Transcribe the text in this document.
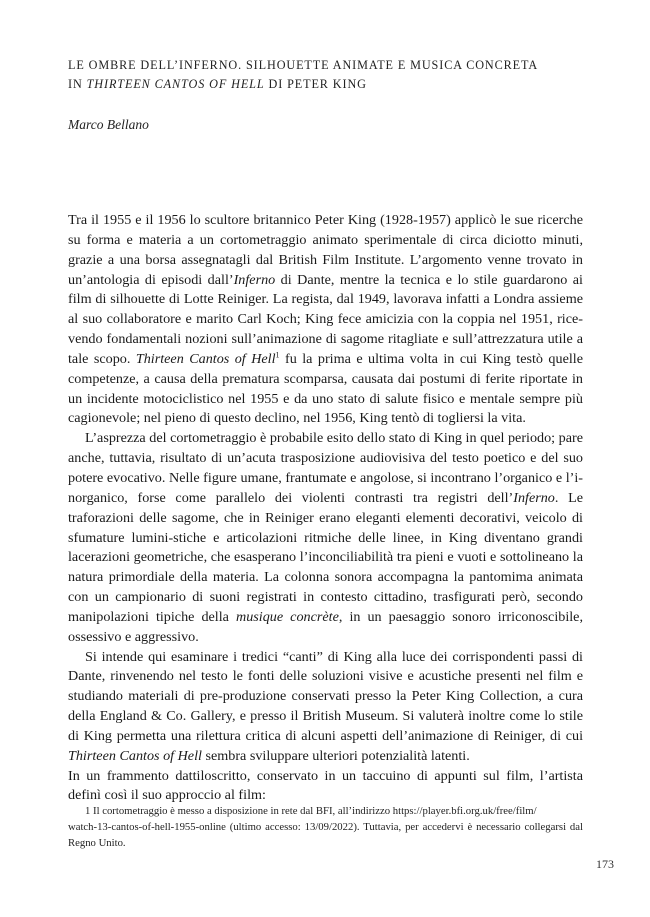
LE OMBRE DELL’INFERNO. SILHOUETTE ANIMATE E MUSICA CONCRETA
IN THIRTEEN CANTOS OF HELL DI PETER KING
Marco Bellano

Tra il 1955 e il 1956 lo scultore britannico Peter King (1928-1957) applicò le sue ricerche su forma e materia a un cortometraggio animato sperimentale di circa diciotto minuti, grazie a una borsa assegnatagli dal British Film Institute. L’argomento venne trovato in un’antologia di episodi dall’Inferno di Dante, mentre la tecnica e lo stile guardarono ai film di silhouette di Lotte Reiniger. La regista, dal 1949, lavorava infatti a Londra assieme al suo collaboratore e marito Carl Koch; King fece amicizia con la coppia nel 1951, rice-vendo fondamentali nozioni sull’animazione di sagome ritagliate e sull’attrezzatura utile a tale scopo. Thirteen Cantos of Hell$^1$ fu la prima e ultima volta in cui King testò quelle competenze, a causa della prematura scomparsa, causata dai postumi di ferite riportate in un incidente motociclistico nel 1955 e da uno stato di salute fisico e mentale sempre più cagionevole; nel pieno di questo declino, nel 1956, King tentò di togliersi la vita.

L’asprezza del cortometraggio è probabile esito dello stato di King in quel periodo; pare anche, tuttavia, risultato di un’acuta trasposizione audiovisiva del testo poetico e del suo potere evocativo. Nelle figure umane, frantumate e angolose, si incontrano l’organico e l’i-norganico, forse come parallelo dei violenti contrasti tra registri dell’Inferno. Le traforazioni delle sagome, che in Reiniger erano eleganti elementi decorativi, veicolo di sfumature lumini-stiche e articolazioni ritmiche delle linee, in King diventano grandi lacerazioni geometriche, che esasperano l’inconciliabilità tra pieni e vuoti e sottolineano la natura primordiale della materia. La colonna sonora accompagna la pantomima animata con un campionario di suoni registrati in contesto cittadino, trasfigurati però, secondo manipolazioni tipiche della musique concrète, in un paesaggio sonoro irriconoscibile, ossessivo e aggressivo.

Si intende qui esaminare i tredici “canti” di King alla luce dei corrispondenti passi di Dante, rinvenendo nel testo le fonti delle soluzioni visive e acustiche presenti nel film e studiando materiali di pre-produzione conservati presso la Peter King Collection, a cura della England & Co. Gallery, e presso il British Museum. Si valuterà inoltre come lo stile di King permetta una rilettura critica di alcuni aspetti dell’animazione di Reiniger, di cui Thirteen Cantos of Hell sembra sviluppare ulteriori potenzialità latenti.

In un frammento dattiloscritto, conservato in un taccuino di appunti sul film, l’artista definì così il suo approccio al film:

1 Il cortometraggio è messo a disposizione in rete dal BFI, all’indirizzo https://player.bfi.org.uk/free/film/
watch-13-cantos-of-hell-1955-online (ultimo accesso: 13/09/2022). Tuttavia, per accedervi è necessario collegarsi dal Regno Unito.
173
